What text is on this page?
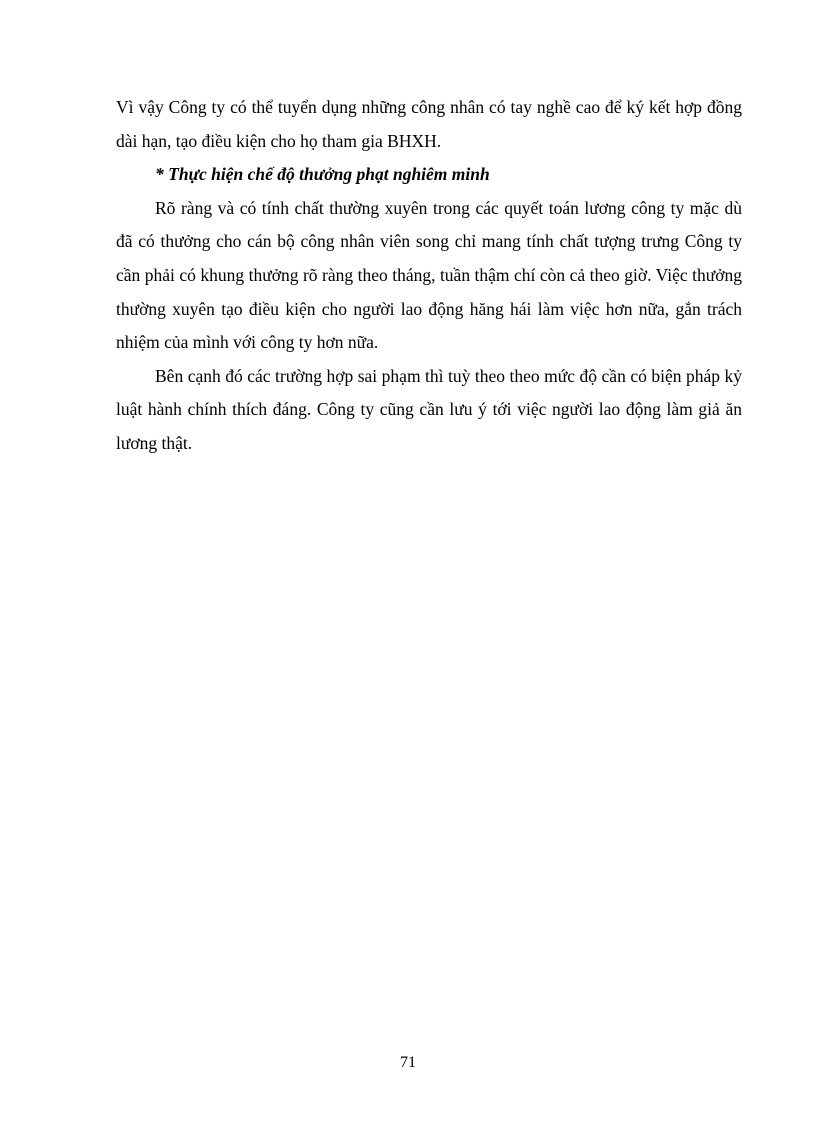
Vì vậy Công ty có thể tuyển dụng những công nhân có tay nghề cao để ký kết hợp đồng dài hạn, tạo điều kiện cho họ tham gia BHXH.

* Thực hiện chế độ thưởng phạt nghiêm minh

Rõ ràng và có tính chất thường xuyên trong các quyết toán lương công ty mặc dù đã có thưởng cho cán bộ công nhân viên song chỉ mang tính chất tượng trưng Công ty cần phải có khung thưởng rõ ràng theo tháng, tuần thậm chí còn cả theo giờ. Việc thưởng thường xuyên tạo điều kiện cho người lao động hăng hái làm việc hơn nữa, gắn trách nhiệm của mình với công ty hơn nữa.

Bên cạnh đó các trường hợp sai phạm thì tuỳ theo theo mức độ cần có biện pháp kỷ luật hành chính thích đáng. Công ty cũng cần lưu ý tới việc người lao động làm giả ăn lương thật.

71
